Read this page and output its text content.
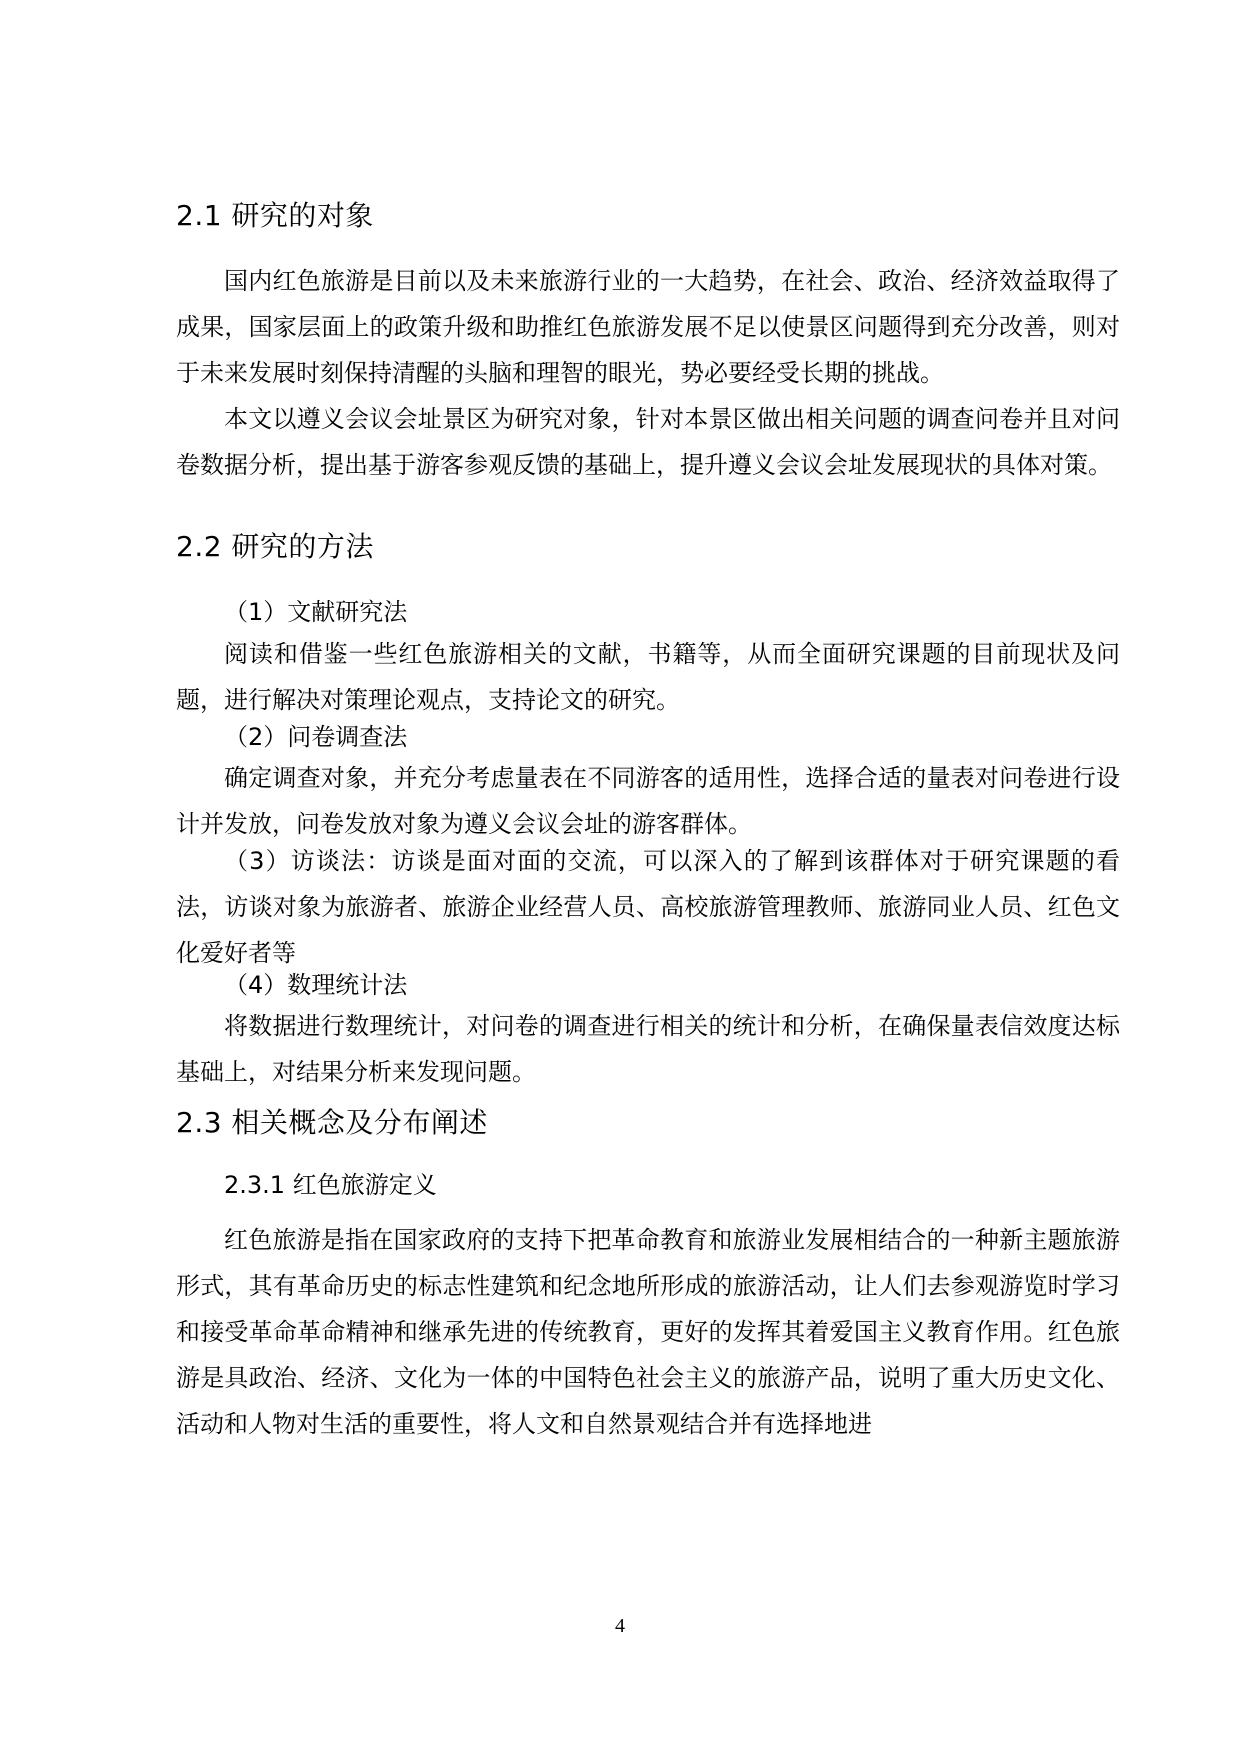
2.1 研究的对象

国内红色旅游是目前以及未来旅游行业的一大趋势，在社会、政治、经济效益取得了成果，国家层面上的政策升级和助推红色旅游发展不足以使景区问题得到充分改善，则对于未来发展时刻保持清醒的头脑和理智的眼光，势必要经受长期的挑战。

本文以遵义会议会址景区为研究对象，针对本景区做出相关问题的调查问卷并且对问卷数据分析，提出基于游客参观反馈的基础上，提升遵义会议会址发展现状的具体对策。

2.2 研究的方法
（1）文献研究法

阅读和借鉴一些红色旅游相关的文献，书籍等，从而全面研究课题的目前现状及问题，进行解决对策理论观点，支持论文的研究。

（2）问卷调查法

确定调查对象，并充分考虑量表在不同游客的适用性，选择合适的量表对问卷进行设计并发放，问卷发放对象为遵义会议会址的游客群体。

（3）访谈法：访谈是面对面的交流，可以深入的了解到该群体对于研究课题的看法，访谈对象为旅游者、旅游企业经营人员、高校旅游管理教师、旅游同业人员、红色文化爱好者等

（4）数理统计法

将数据进行数理统计，对问卷的调查进行相关的统计和分析，在确保量表信效度达标基础上，对结果分析来发现问题。

2.3 相关概念及分布阐述
2.3.1 红色旅游定义

红色旅游是指在国家政府的支持下把革命教育和旅游业发展相结合的一种新主题旅游形式，其有革命历史的标志性建筑和纪念地所形成的旅游活动，让人们去参观游览时学习和接受革命革命精神和继承先进的传统教育，更好的发挥其着爱国主义教育作用。红色旅游是具政治、经济、文化为一体的中国特色社会主义的旅游产品，说明了重大历史文化、活动和人物对生活的重要性，将人文和自然景观结合并有选择地进

4
